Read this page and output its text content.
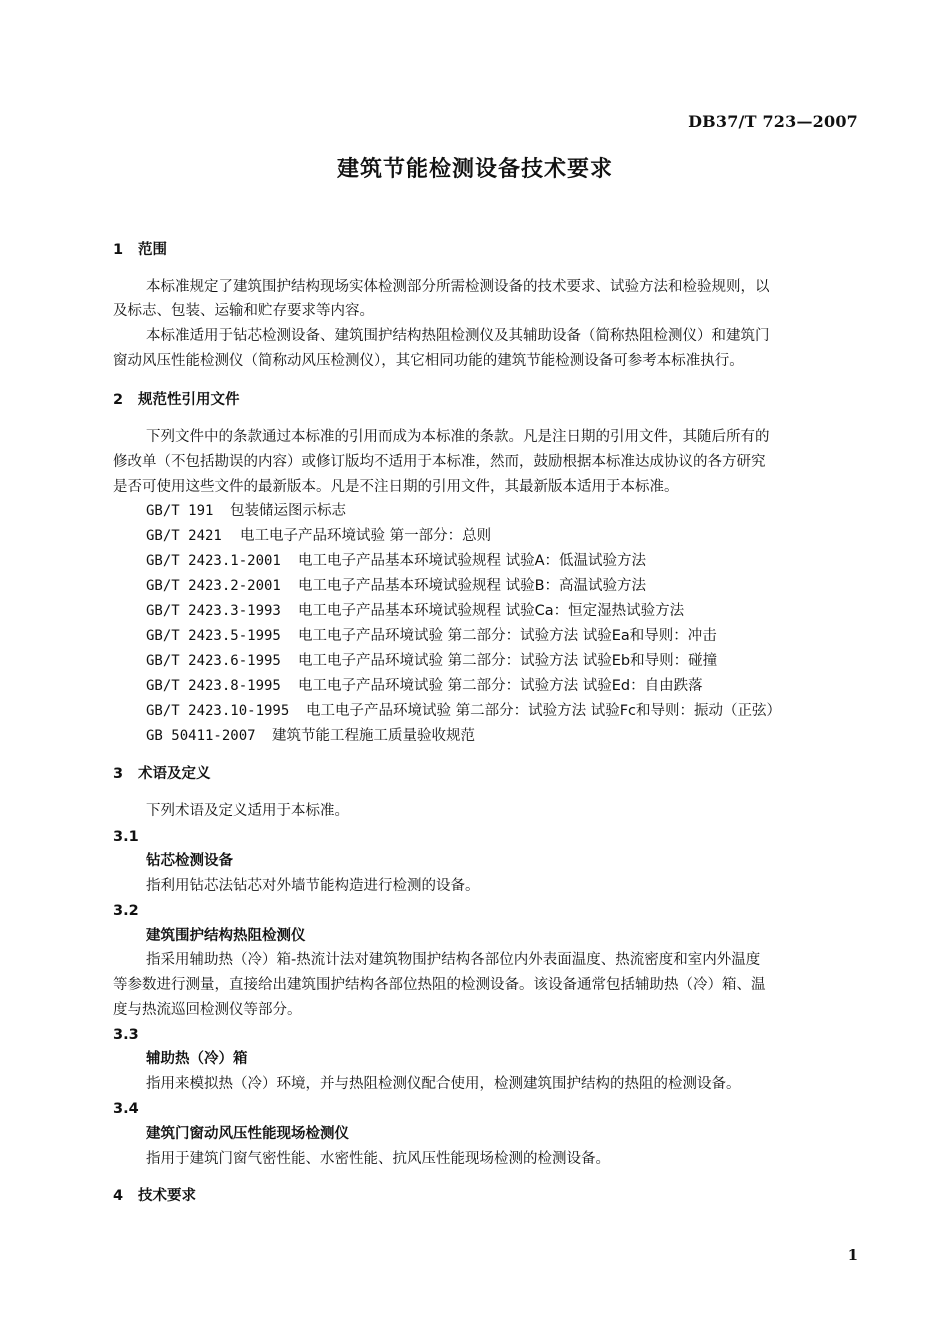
DB37/T 723—2007
建筑节能检测设备技术要求
1 范围
本标准规定了建筑围护结构现场实体检测部分所需检测设备的技术要求、试验方法和检验规则，以
及标志、包装、运输和贮存要求等内容。
本标准适用于钻芯检测设备、建筑围护结构热阻检测仪及其辅助设备（简称热阻检测仪）和建筑门
窗动风压性能检测仪（简称动风压检测仪），其它相同功能的建筑节能检测设备可参考本标准执行。
2 规范性引用文件
下列文件中的条款通过本标准的引用而成为本标准的条款。凡是注日期的引用文件，其随后所有的
修改单（不包括勘误的内容）或修订版均不适用于本标准，然而，鼓励根据本标准达成协议的各方研究
是否可使用这些文件的最新版本。凡是不注日期的引用文件，其最新版本适用于本标准。
GB/T 191 包装储运图示标志
GB/T 2421 电工电子产品环境试验 第一部分：总则
GB/T 2423.1-2001 电工电子产品基本环境试验规程 试验A：低温试验方法
GB/T 2423.2-2001 电工电子产品基本环境试验规程 试验B：高温试验方法
GB/T 2423.3-1993 电工电子产品基本环境试验规程 试验Ca：恒定湿热试验方法
GB/T 2423.5-1995 电工电子产品环境试验 第二部分：试验方法 试验Ea和导则：冲击
GB/T 2423.6-1995 电工电子产品环境试验 第二部分：试验方法 试验Eb和导则：碰撞
GB/T 2423.8-1995 电工电子产品环境试验 第二部分：试验方法 试验Ed：自由跌落
GB/T 2423.10-1995 电工电子产品环境试验 第二部分：试验方法 试验Fc和导则：振动（正弦）
GB 50411-2007 建筑节能工程施工质量验收规范
3 术语及定义
下列术语及定义适用于本标准。
3.1
钻芯检测设备
指利用钻芯法钻芯对外墙节能构造进行检测的设备。
3.2
建筑围护结构热阻检测仪
指采用辅助热（冷）箱-热流计法对建筑物围护结构各部位内外表面温度、热流密度和室内外温度
等参数进行测量，直接给出建筑围护结构各部位热阻的检测设备。该设备通常包括辅助热（冷）箱、温
度与热流巡回检测仪等部分。
3.3
辅助热（冷）箱
指用来模拟热（冷）环境，并与热阻检测仪配合使用，检测建筑围护结构的热阻的检测设备。
3.4
建筑门窗动风压性能现场检测仪
指用于建筑门窗气密性能、水密性能、抗风压性能现场检测的检测设备。
4 技术要求
1
